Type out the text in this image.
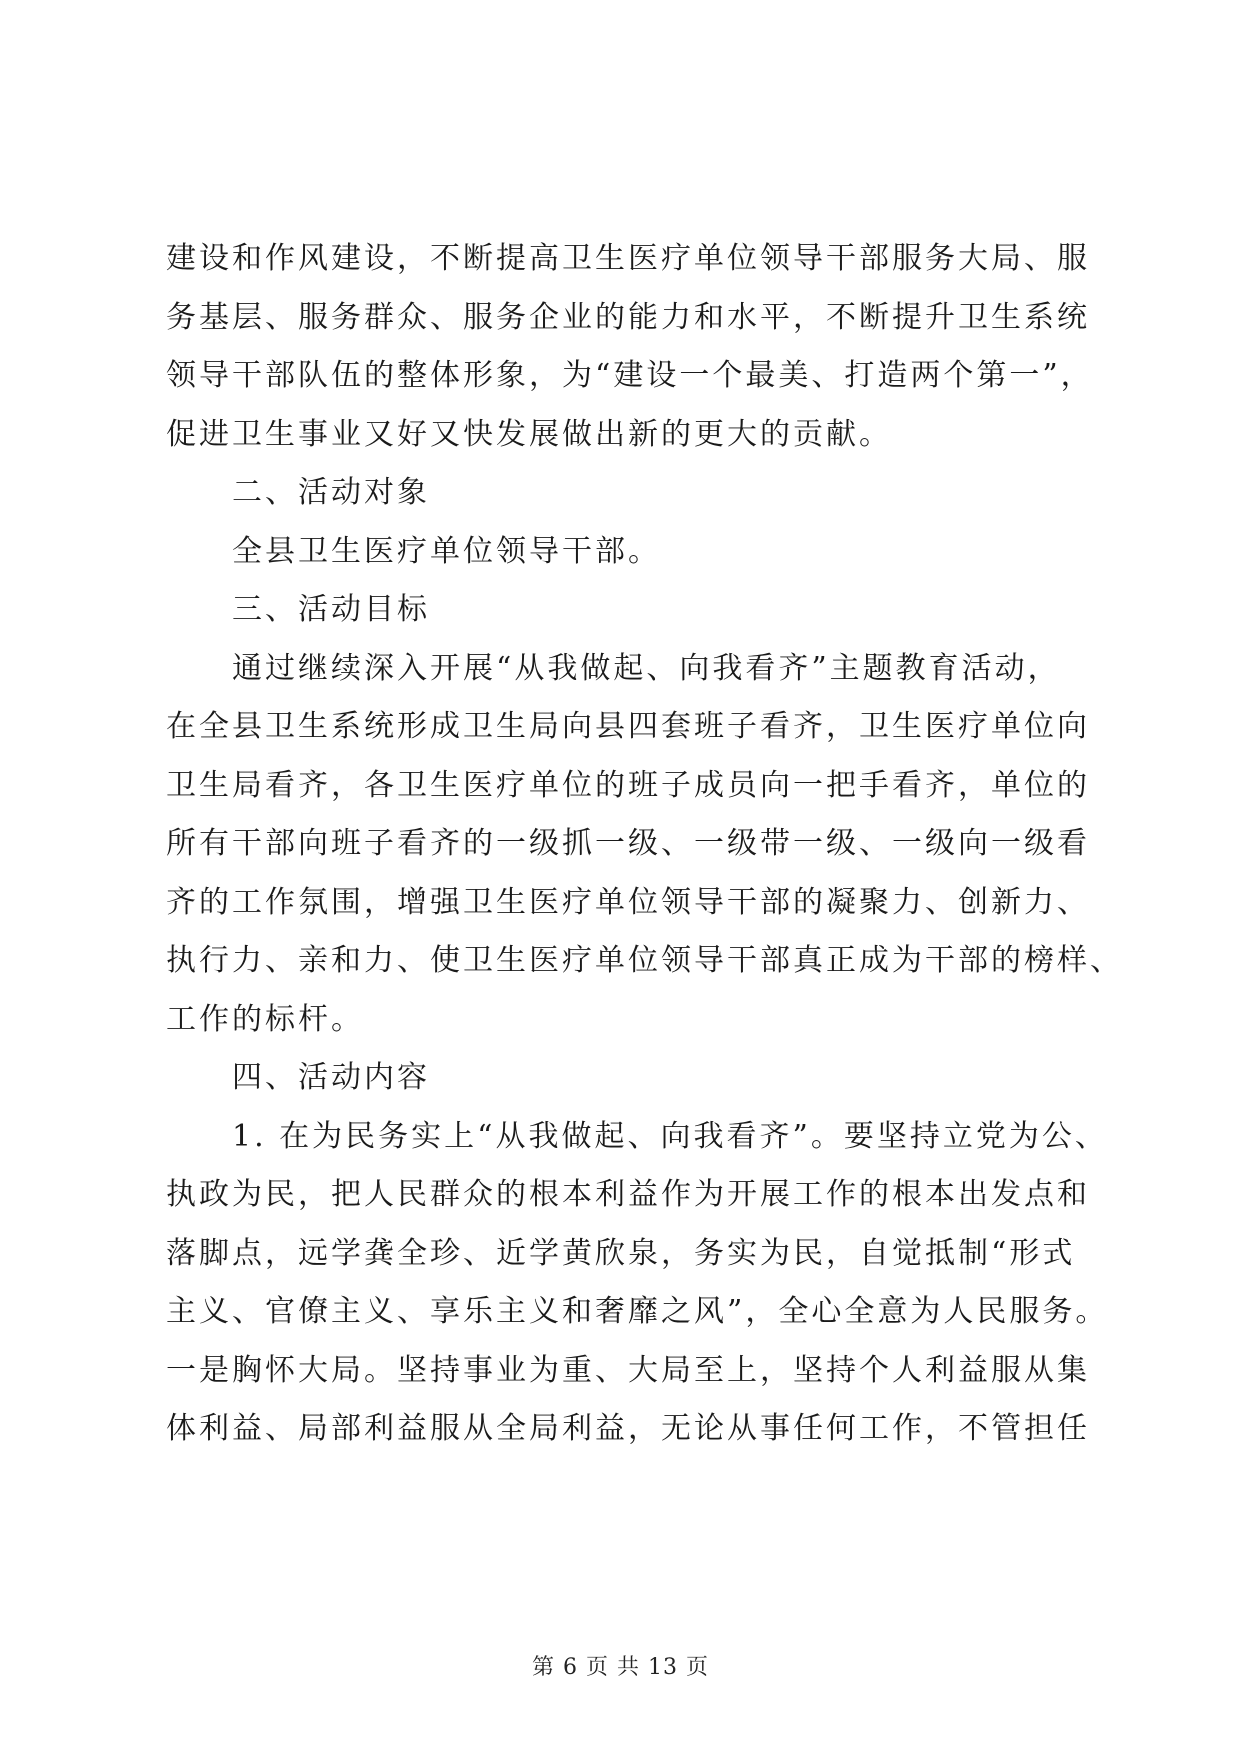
建设和作风建设，不断提高卫生医疗单位领导干部服务大局、服
务基层、服务群众、服务企业的能力和水平，不断提升卫生系统
领导干部队伍的整体形象，为“建设一个最美、打造两个第一”，
促进卫生事业又好又快发展做出新的更大的贡献。
二、活动对象
全县卫生医疗单位领导干部。
三、活动目标
通过继续深入开展“从我做起、向我看齐”主题教育活动，
在全县卫生系统形成卫生局向县四套班子看齐，卫生医疗单位向
卫生局看齐，各卫生医疗单位的班子成员向一把手看齐，单位的
所有干部向班子看齐的一级抓一级、一级带一级、一级向一级看
齐的工作氛围，增强卫生医疗单位领导干部的凝聚力、创新力、
执行力、亲和力、使卫生医疗单位领导干部真正成为干部的榜样、
工作的标杆。
四、活动内容
1. 在为民务实上“从我做起、向我看齐”。要坚持立党为公、
执政为民，把人民群众的根本利益作为开展工作的根本出发点和
落脚点，远学龚全珍、近学黄欣泉，务实为民，自觉抵制“形式
主义、官僚主义、享乐主义和奢靡之风”，全心全意为人民服务。
一是胸怀大局。坚持事业为重、大局至上，坚持个人利益服从集
体利益、局部利益服从全局利益，无论从事任何工作，不管担任
第 6 页 共 13 页
